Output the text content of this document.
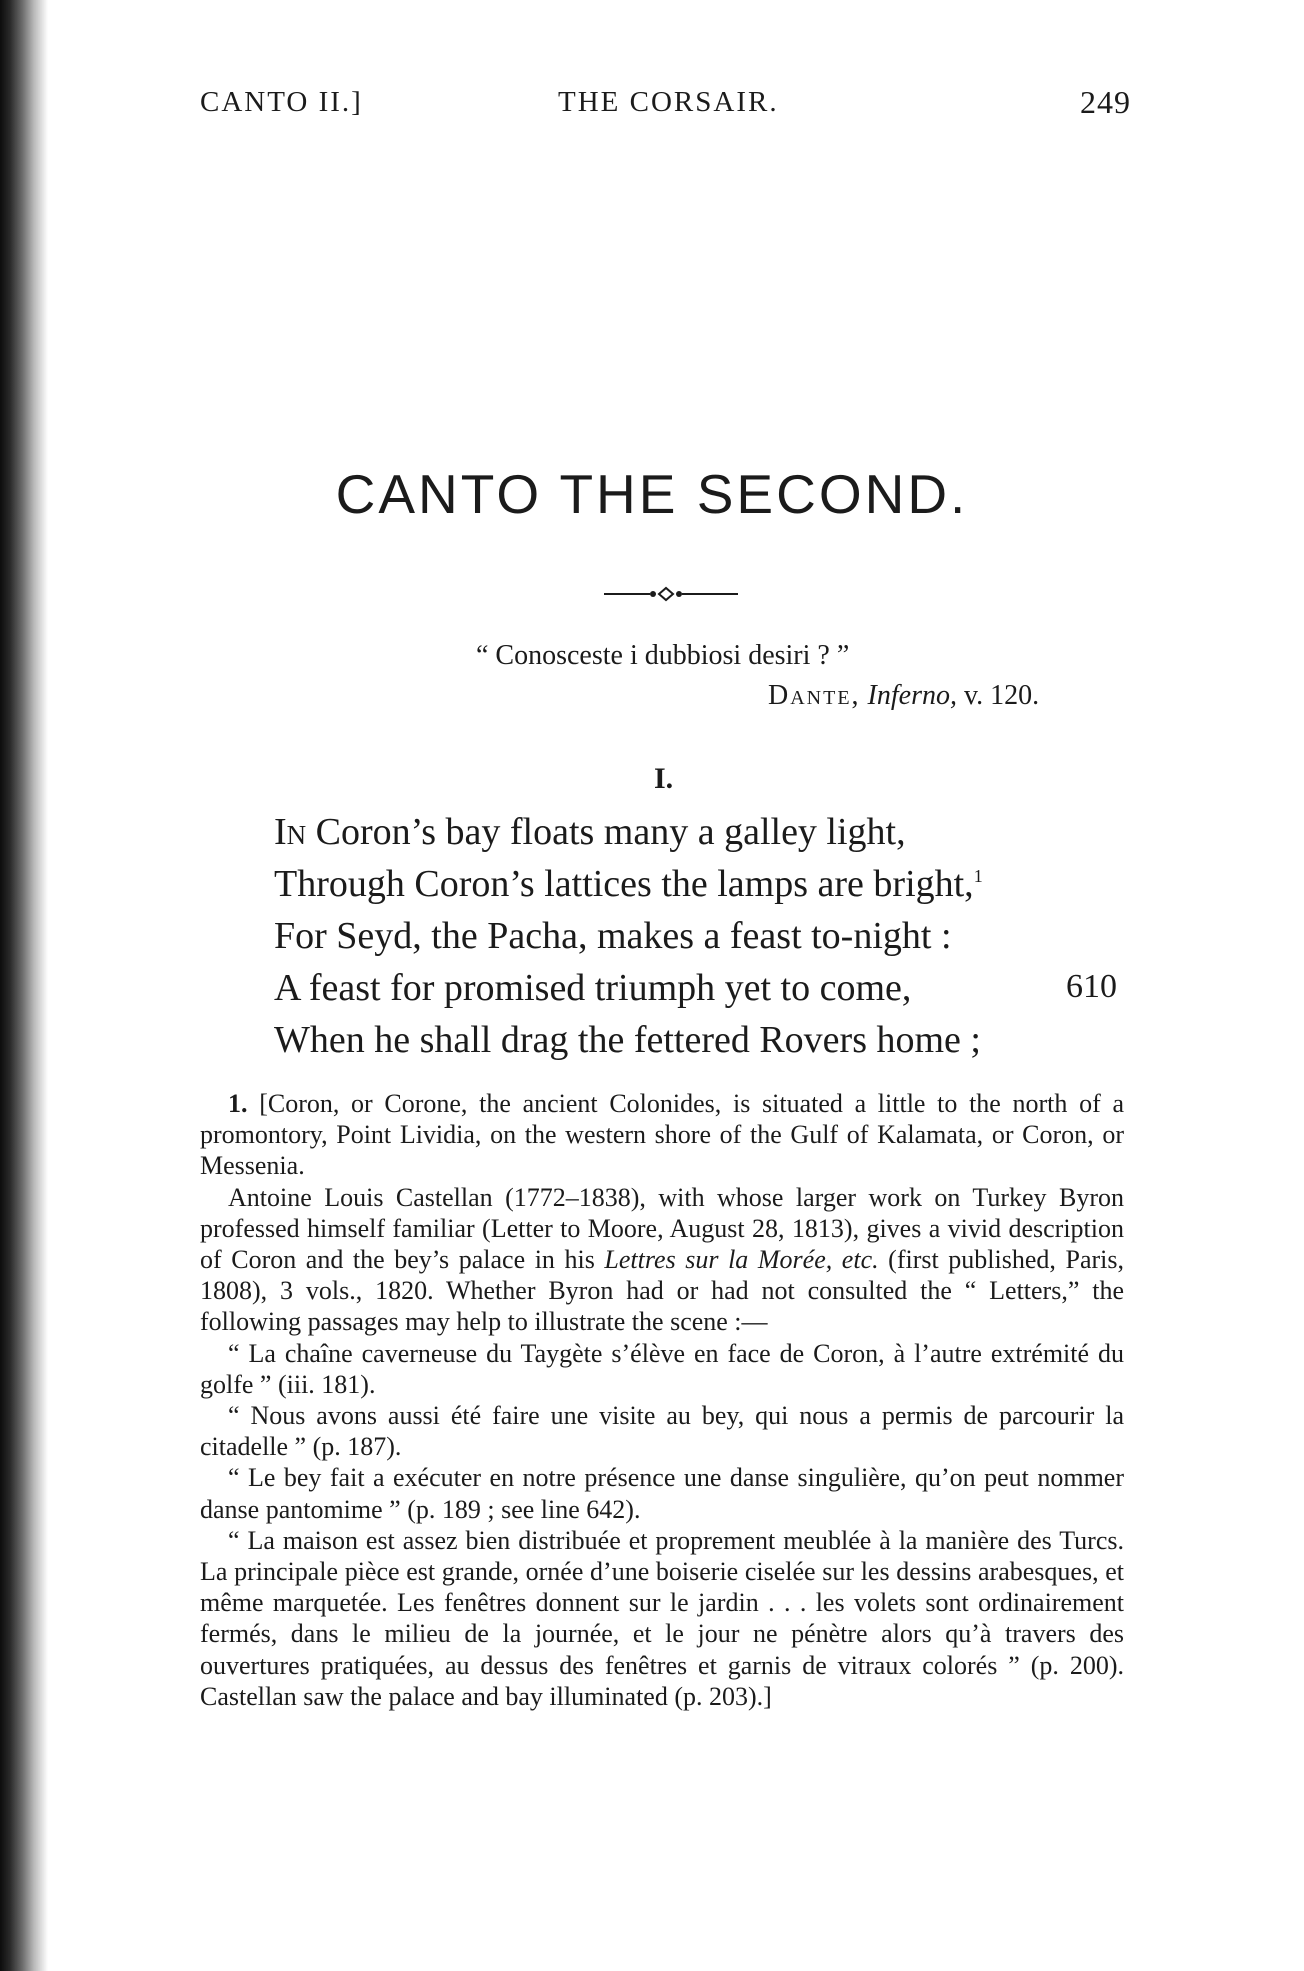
CANTO II.]	THE CORSAIR.	249
CANTO THE SECOND.
“ Conosceste i dubbiosi desiri ? ”
Dante, Inferno, v. 120.
I.
In Coron’s bay floats many a galley light,
Through Coron’s lattices the lamps are bright,$^1$
For Seyd, the Pacha, makes a feast to-night :
A feast for promised triumph yet to come,	610
When he shall drag the fettered Rovers home ;

1. [Coron, or Corone, the ancient Colonides, is situated a little to the north of a promontory, Point Lividia, on the western shore of the Gulf of Kalamata, or Coron, or Messenia.

Antoine Louis Castellan (1772–1838), with whose larger work on Turkey Byron professed himself familiar (Letter to Moore, August 28, 1813), gives a vivid description of Coron and the bey’s palace in his Lettres sur la Morée, etc. (first published, Paris, 1808), 3 vols., 1820. Whether Byron had or had not consulted the “ Letters,” the following passages may help to illustrate the scene :—

“ La chaîne caverneuse du Taygète s’élève en face de Coron, à l’autre extrémité du golfe ” (iii. 181).

“ Nous avons aussi été faire une visite au bey, qui nous a permis de parcourir la citadelle ” (p. 187).

“ Le bey fait a exécuter en notre présence une danse singulière, qu’on peut nommer danse pantomime ” (p. 189 ; see line 642).

“ La maison est assez bien distribuée et proprement meublée à la manière des Turcs. La principale pièce est grande, ornée d’une boiserie ciselée sur les dessins arabesques, et même marquetée. Les fenêtres donnent sur le jardin . . . les volets sont ordinairement fermés, dans le milieu de la journée, et le jour ne pénètre alors qu’à travers des ouvertures pratiquées, au dessus des fenêtres et garnis de vitraux colorés ” (p. 200). Castellan saw the palace and bay illuminated (p. 203).]
